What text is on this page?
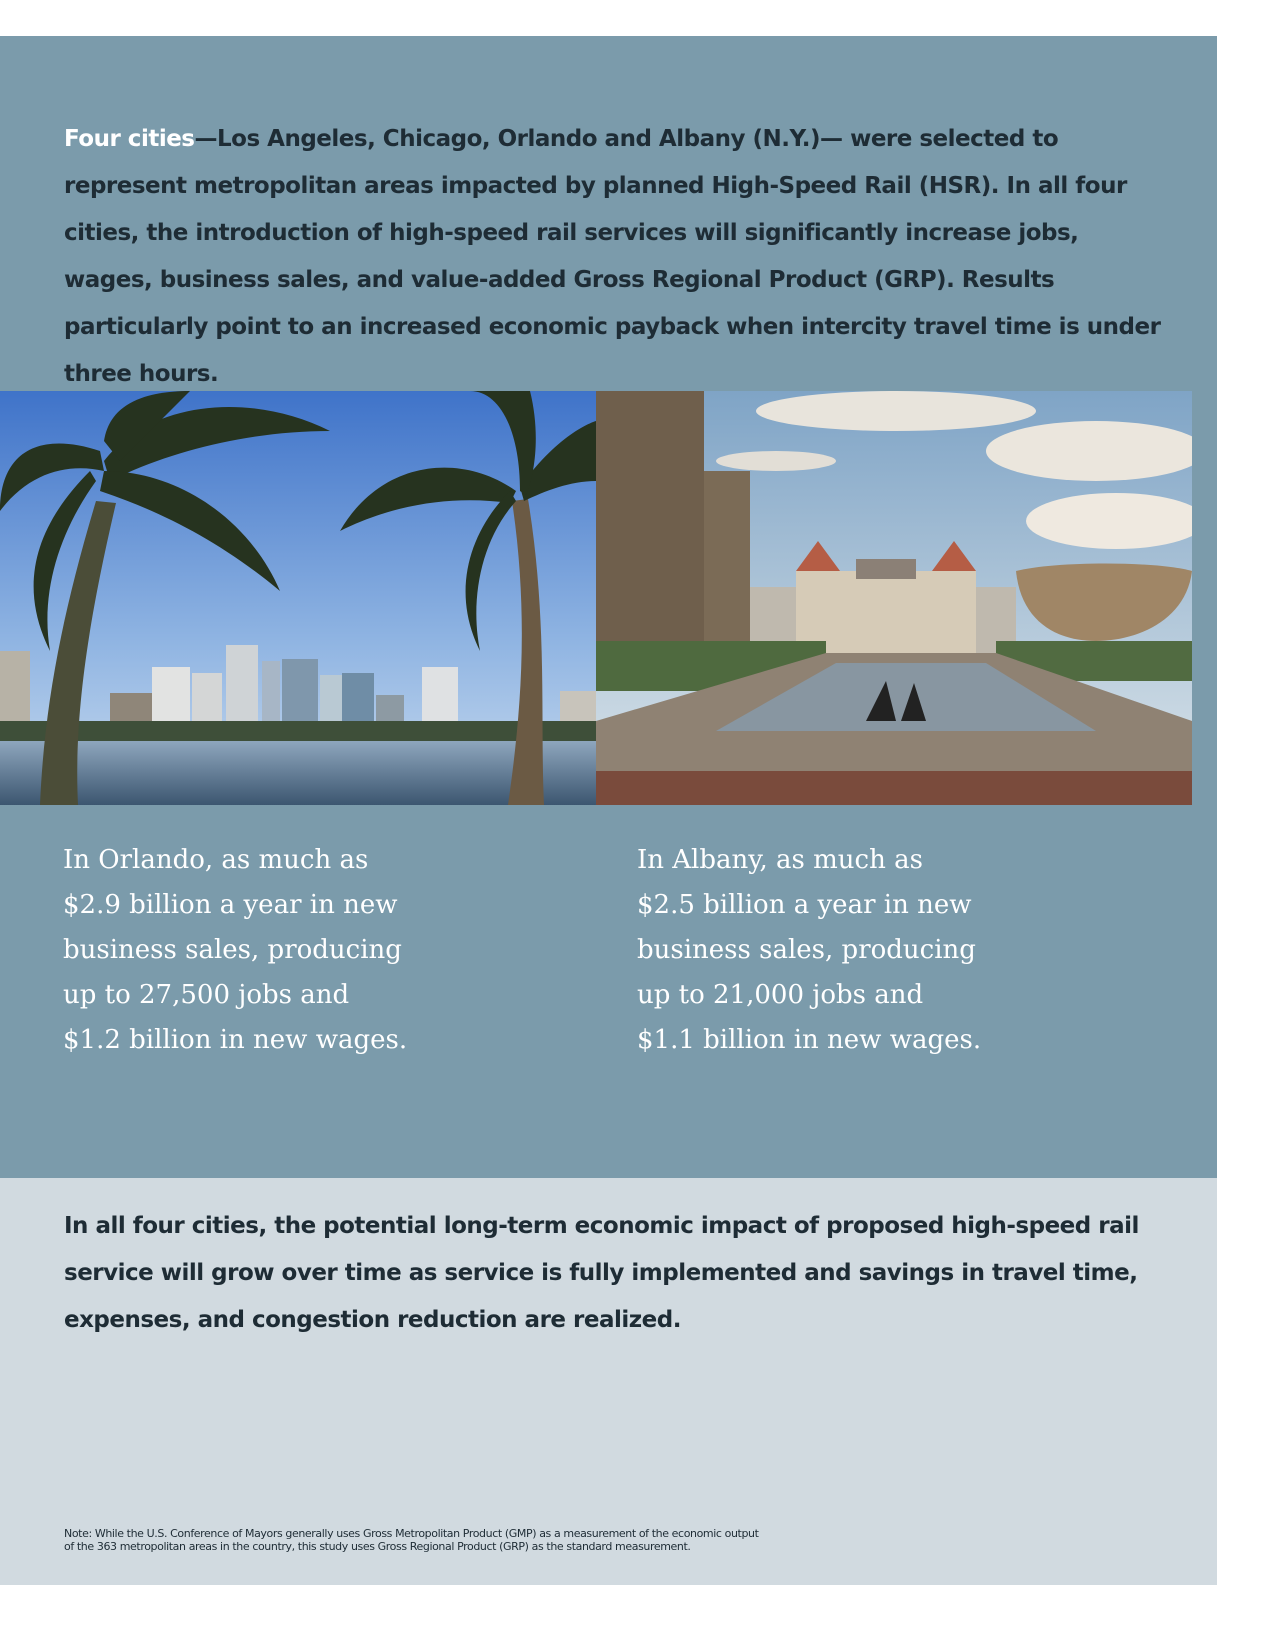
Four cities—Los Angeles, Chicago, Orlando and Albany (N.Y.)— were selected to represent metropolitan areas impacted by planned High-Speed Rail (HSR). In all four cities, the introduction of high-speed rail services will significantly increase jobs, wages, business sales, and value-added Gross Regional Product (GRP). Results particularly point to an increased economic payback when intercity travel time is under three hours.

In Orlando, as much as
$2.9 billion a year in new
business sales, producing
up to 27,500 jobs and
$1.2 billion in new wages.

In Albany, as much as
$2.5 billion a year in new
business sales, producing
up to 21,000 jobs and
$1.1 billion in new wages.

In all four cities, the potential long-term economic impact of proposed high-speed rail service will grow over time as service is fully implemented and savings in travel time, expenses, and congestion reduction are realized.

Note: While the U.S. Conference of Mayors generally uses Gross Metropolitan Product (GMP) as a measurement of the economic output
of the 363 metropolitan areas in the country, this study uses Gross Regional Product (GRP) as the standard measurement.
